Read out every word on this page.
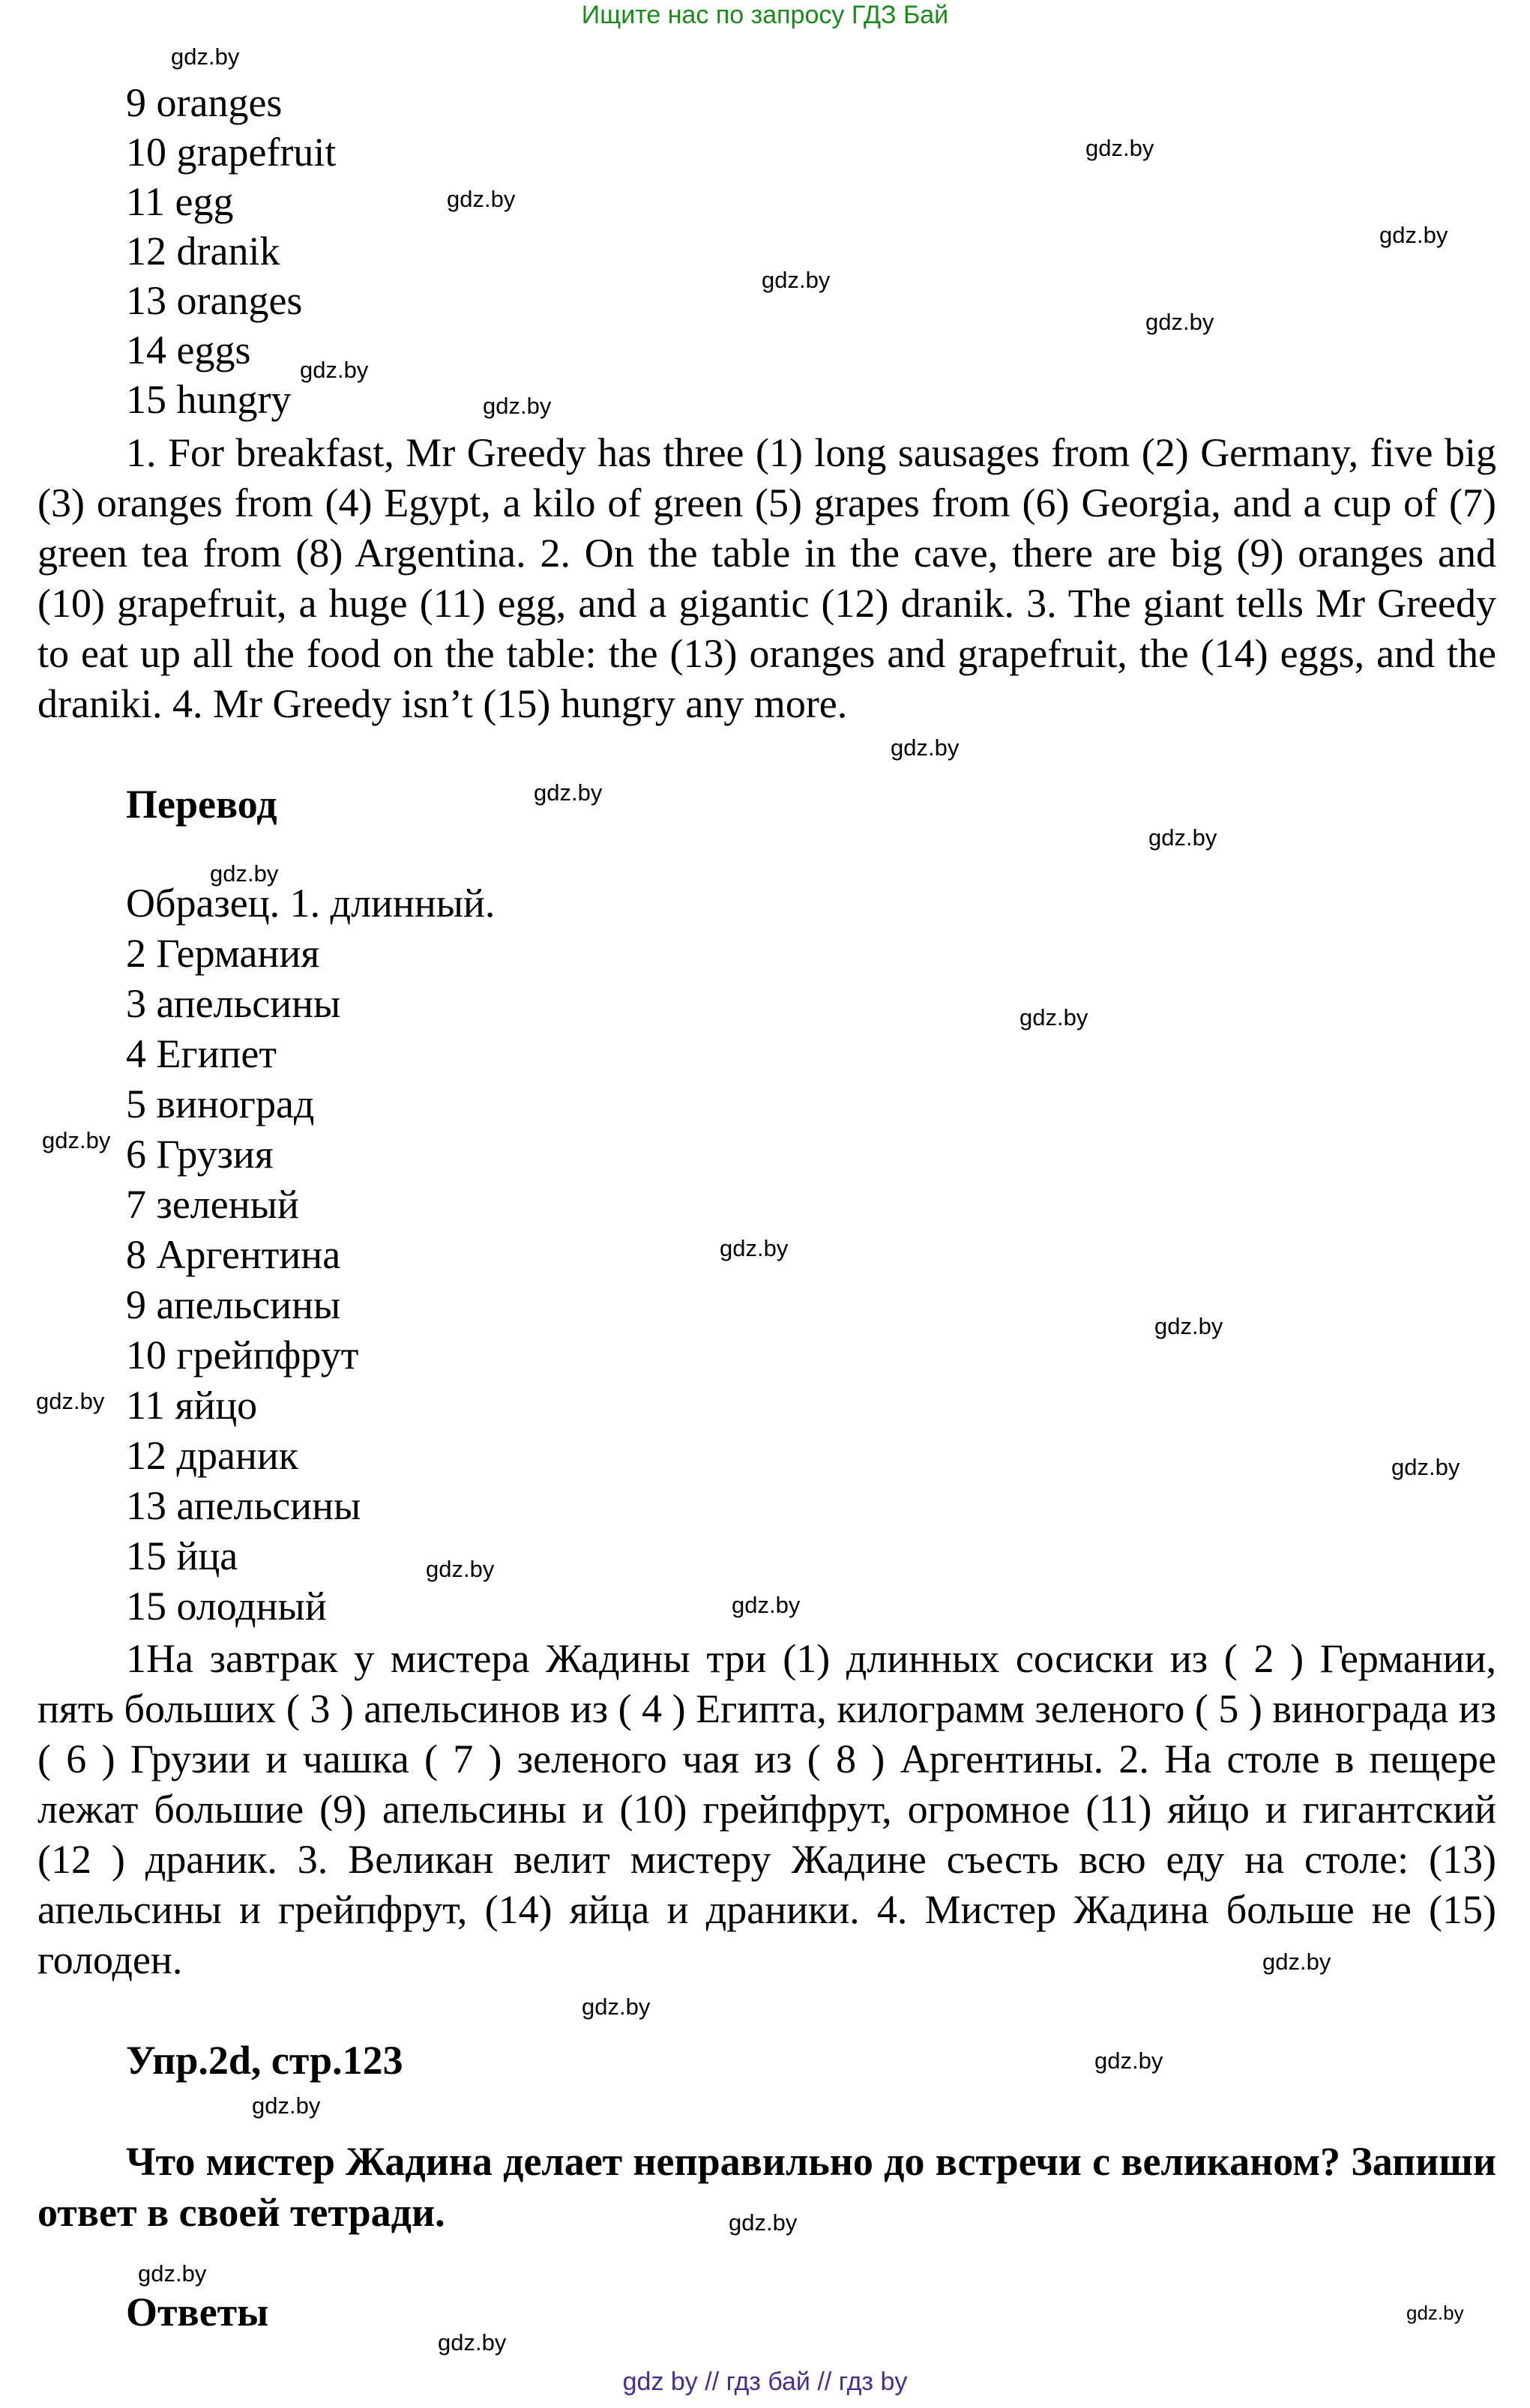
Ищите нас по запросу ГДЗ Бай
9 oranges
10 grapefruit
11 egg
12 dranik
13 oranges
14 eggs
15 hungry
1. For breakfast, Mr Greedy has three (1) long sausages from (2) Germany, five big (3) oranges from (4) Egypt, a kilo of green (5) grapes from (6) Georgia, and a cup of (7) green tea from (8) Argentina. 2. On the table in the cave, there are big (9) oranges and (10) grapefruit, a huge (11) egg, and a gigantic (12) dranik. 3. The giant tells Mr Greedy to eat up all the food on the table: the (13) oranges and grapefruit, the (14) eggs, and the draniki. 4. Mr Greedy isn’t (15) hungry any more.
Перевод
Образец. 1. длинный.
2 Германия
3 апельсины
4 Египет
5 виноград
6 Грузия
7 зеленый
8 Аргентина
9 апельсины
10 грейпфрут
11 яйцо
12 драник
13 апельсины
15 йца
15 олодный
1На завтрак у мистера Жадины три (1) длинных сосиски из ( 2 ) Германии, пять больших ( 3 ) апельсинов из ( 4 ) Египта, килограмм зеленого ( 5 ) винограда из ( 6 ) Грузии и чашка ( 7 ) зеленого чая из ( 8 ) Аргентины. 2. На столе в пещере лежат большие (9) апельсины и (10) грейпфрут, огромное (11) яйцо и гигантский (12 ) драник. 3. Великан велит мистеру Жадине съесть всю еду на столе: (13) апельсины и грейпфрут, (14) яйца и драники. 4. Мистер Жадина больше не (15) голоден.
Упр.2d, стр.123
Что мистер Жадина делает неправильно до встречи с великаном? Запиши ответ в своей тетради.
Ответы
gdz.by
gdz.by
gdz.by
gdz.by
gdz.by
gdz.by
gdz.by
gdz.by
gdz.by
gdz.by
gdz.by
gdz.by
gdz.by
gdz.by
gdz.by
gdz.by
gdz.by
gdz.by
gdz.by
gdz.by
gdz.by
gdz.by
gdz.by
gdz.by
gdz.by
gdz.by
gdz.by
gdz.by
gdz by // гдз бай // гдз by
